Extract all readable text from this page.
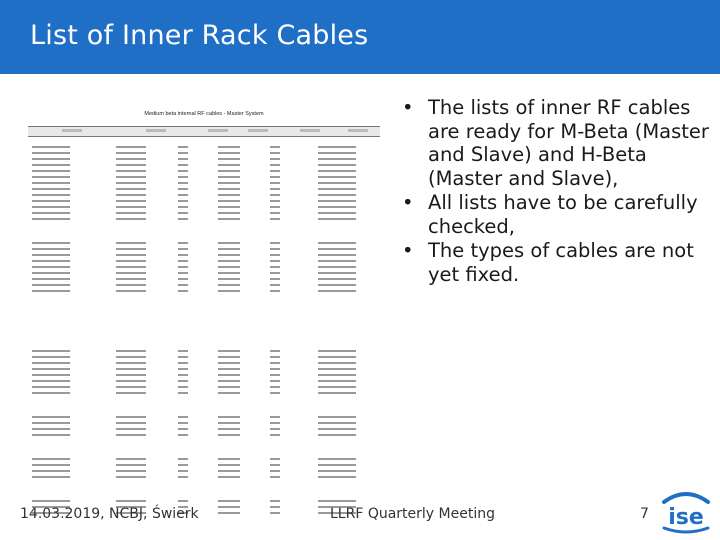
List of Inner Rack Cables
Medium beta internal RF cables - Master System	• The lists of inner RF cables are ready for M-Beta (Master and Slave) and H-Beta (Master and Slave),
• All lists have to be carefully checked,
• The types of cables are not yet fixed.
14.03.2019, NCBJ, Świerk	LLRF Quarterly Meeting	7 ise
